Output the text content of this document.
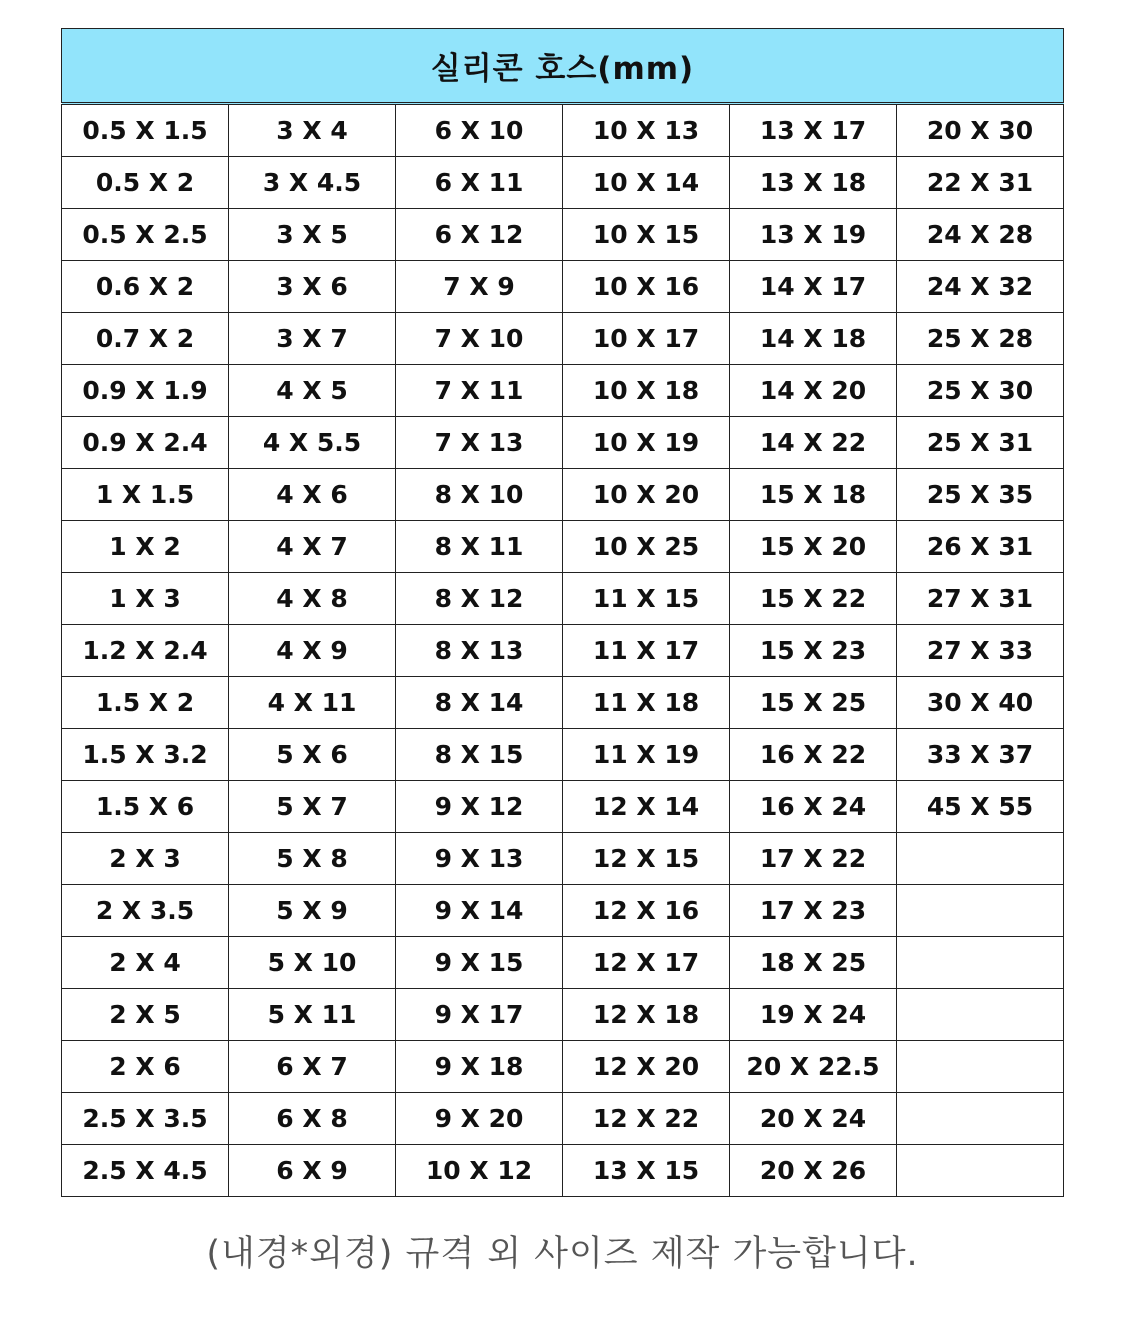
실리콘 호스(mm)					
0.5 X 1.5	3 X 4	6 X 10	10 X 13	13 X 17	20 X 30
0.5 X 2	3 X 4.5	6 X 11	10 X 14	13 X 18	22 X 31
0.5 X 2.5	3 X 5	6 X 12	10 X 15	13 X 19	24 X 28
0.6 X 2	3 X 6	7 X 9	10 X 16	14 X 17	24 X 32
0.7 X 2	3 X 7	7 X 10	10 X 17	14 X 18	25 X 28
0.9 X 1.9	4 X 5	7 X 11	10 X 18	14 X 20	25 X 30
0.9 X 2.4	4 X 5.5	7 X 13	10 X 19	14 X 22	25 X 31
1 X 1.5	4 X 6	8 X 10	10 X 20	15 X 18	25 X 35
1 X 2	4 X 7	8 X 11	10 X 25	15 X 20	26 X 31
1 X 3	4 X 8	8 X 12	11 X 15	15 X 22	27 X 31
1.2 X 2.4	4 X 9	8 X 13	11 X 17	15 X 23	27 X 33
1.5 X 2	4 X 11	8 X 14	11 X 18	15 X 25	30 X 40
1.5 X 3.2	5 X 6	8 X 15	11 X 19	16 X 22	33 X 37
1.5 X 6	5 X 7	9 X 12	12 X 14	16 X 24	45 X 55
2 X 3	5 X 8	9 X 13	12 X 15	17 X 22	
2 X 3.5	5 X 9	9 X 14	12 X 16	17 X 23	
2 X 4	5 X 10	9 X 15	12 X 17	18 X 25	
2 X 5	5 X 11	9 X 17	12 X 18	19 X 24	
2 X 6	6 X 7	9 X 18	12 X 20	20 X 22.5	
2.5 X 3.5	6 X 8	9 X 20	12 X 22	20 X 24	
2.5 X 4.5	6 X 9	10 X 12	13 X 15	20 X 26	
(내경*외경) 규격 외 사이즈 제작 가능합니다.
